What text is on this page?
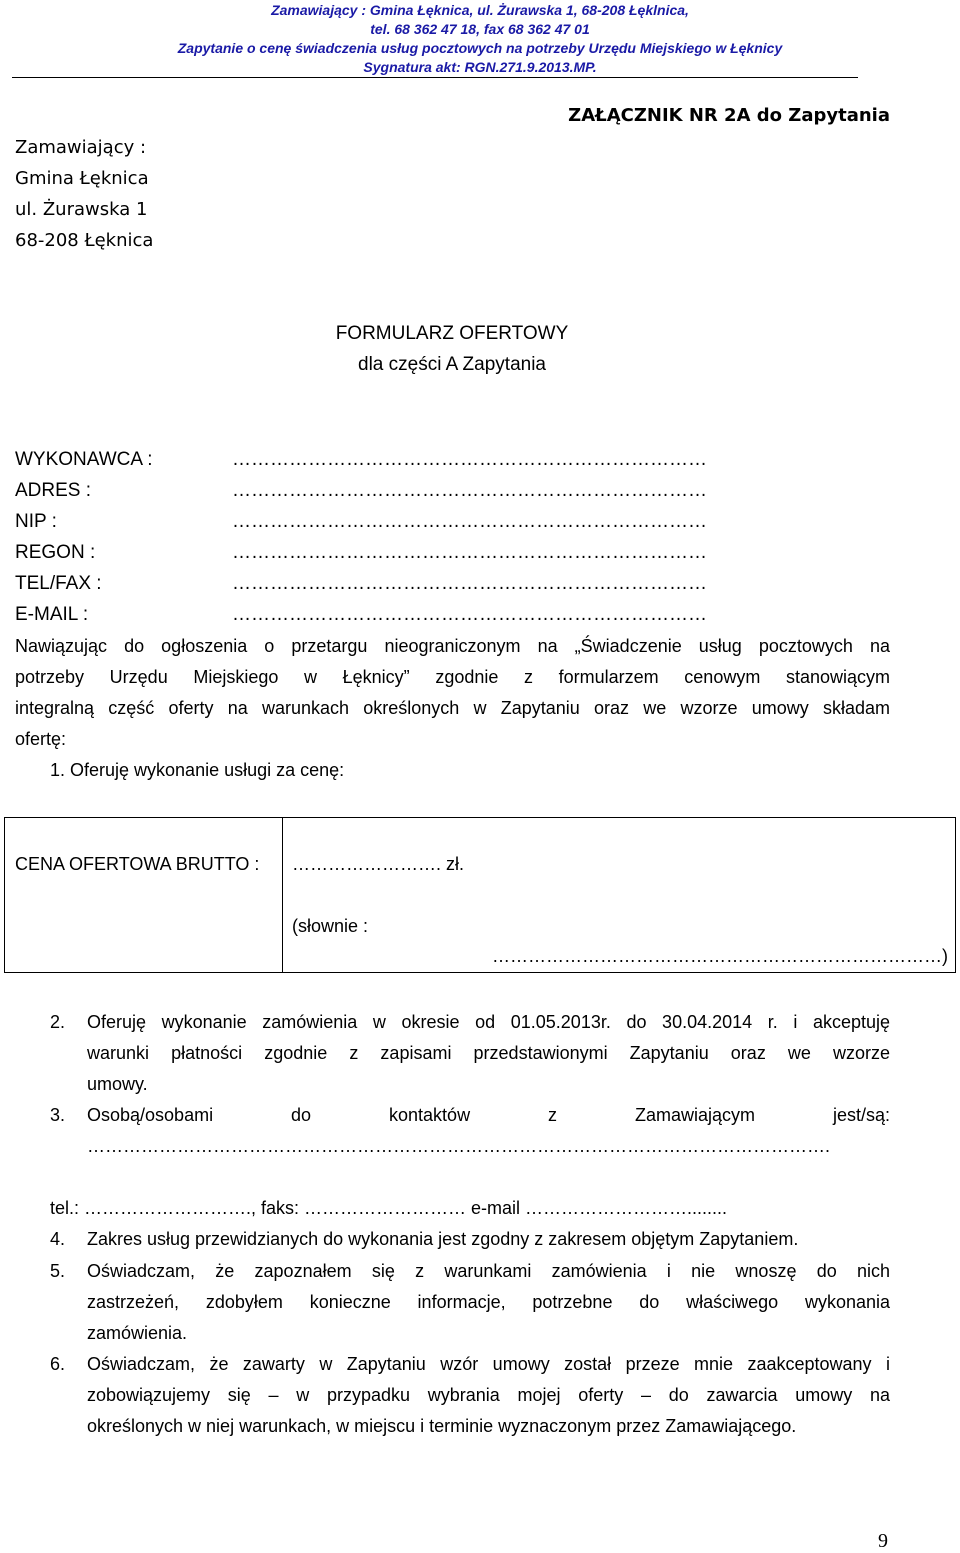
Zamawiający : Gmina Łęknica, ul. Żurawska 1, 68-208 Łęklnica,
tel. 68 362 47 18, fax 68 362 47 01
Zapytanie o cenę świadczenia usług pocztowych na potrzeby Urzędu Miejskiego w Łęknicy
Sygnatura akt: RGN.271.9.2013.MP.
ZAŁĄCZNIK NR 2A do Zapytania
Zamawiający :
Gmina Łęknica
ul. Żurawska 1
68-208 Łęknica
FORMULARZ OFERTOWY
dla części A Zapytania
WYKONAWCA :	…………………………………………………………………
ADRES :	…………………………………………………………………
NIP :	…………………………………………………………………
REGON :	…………………………………………………………………
TEL/FAX :	…………………………………………………………………
E-MAIL :	…………………………………………………………………
Nawiązując do ogłoszenia o przetargu nieograniczonym na „Świadczenie usług pocztowych na
potrzeby Urzędu Miejskiego w Łęknicy” zgodnie z formularzem cenowym stanowiącym
integralną część oferty na warunkach określonych w Zapytaniu oraz we wzorze umowy składam
ofertę:
1. Oferuję wykonanie usługi za cenę:
CENA OFERTOWA BRUTTO : ……………………. zł.
(słownie :
…………………………………………………………………)
2. Oferuję wykonanie zamówienia w okresie od 01.05.2013r. do 30.04.2014 r. i akceptuję
warunki płatności zgodnie z zapisami przedstawionymi Zapytaniu oraz we wzorze
umowy.
3. Osobą/osobami do kontaktów z Zamawiającym jest/są:
…………………………………………………………………………………………………………….
tel.: ………………………., faks: ……………………… e-mail ………………………........
4. Zakres usług przewidzianych do wykonania jest zgodny z zakresem objętym Zapytaniem.
5. Oświadczam, że zapoznałem się z warunkami zamówienia i nie wnoszę do nich
zastrzeżeń, zdobyłem konieczne informacje, potrzebne do właściwego wykonania
zamówienia.
6. Oświadczam, że zawarty w Zapytaniu wzór umowy został przeze mnie zaakceptowany i
zobowiązujemy się – w przypadku wybrania mojej oferty – do zawarcia umowy na
określonych w niej warunkach, w miejscu i terminie wyznaczonym przez Zamawiającego.
9
